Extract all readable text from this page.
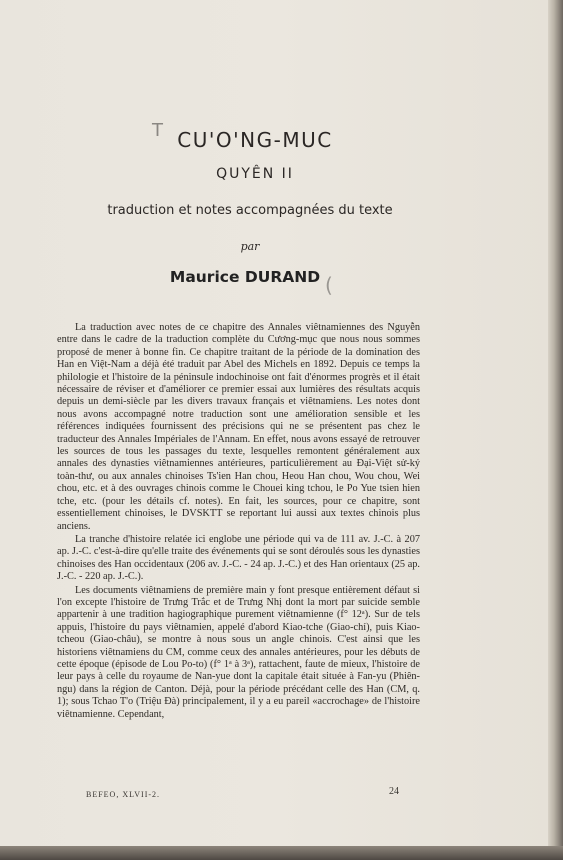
T CU'O'NG-MUC
QUYÊN II
traduction et notes accompagnées du texte
par
Maurice DURAND (

La traduction avec notes de ce chapitre des Annales viêtnamiennes des Nguyễn entre dans le cadre de la traduction complète du Cương-mục que nous nous sommes proposé de mener à bonne fin. Ce chapitre traitant de la période de la domination des Han en Việt-Nam a déjà été traduit par Abel des Michels en 1892. Depuis ce temps la philologie et l'histoire de la péninsule indochinoise ont fait d'énormes progrès et il était nécessaire de réviser et d'améliorer ce premier essai aux lumières des résultats acquis depuis un demi-siècle par les divers travaux français et viêtnamiens. Les notes dont nous avons accompagné notre traduction sont une amélioration sensible et les références indiquées fournissent des précisions qui ne se présentent pas chez le traducteur des Annales Impériales de l'Annam. En effet, nous avons essayé de retrouver les sources de tous les passages du texte, lesquelles remontent généralement aux annales des dynasties viêtnamiennes antérieures, particulièrement au Đại-Việt sử-ký toàn-thư, ou aux annales chinoises Ts'ien Han chou, Heou Han chou, Wou chou, Wei chou, etc. et à des ouvrages chinois comme le Chouei king tchou, le Po Yue tsien hien tche, etc. (pour les détails cf. notes). En fait, les sources, pour ce chapitre, sont essentiellement chinoises, le DVSKTT se reportant lui aussi aux textes chinois plus anciens.

La tranche d'histoire relatée ici englobe une période qui va de 111 av. J.-C. à 207 ap. J.-C. c'est-à-dire qu'elle traite des événements qui se sont déroulés sous les dynasties chinoises des Han occidentaux (206 av. J.-C. - 24 ap. J.-C.) et des Han orientaux (25 ap. J.-C. - 220 ap. J.-C.).

Les documents viêtnamiens de première main y font presque entièrement défaut si l'on excepte l'histoire de Trưng Trắc et de Trưng Nhị dont la mort par suicide semble appartenir à une tradition hagiographique purement viêtnamienne (f° 12ᵃ). Sur de tels appuis, l'histoire du pays viêtnamien, appelé d'abord Kiao-tche (Giao-chỉ), puis Kiao-tcheou (Giao-châu), se montre à nous sous un angle chinois. C'est ainsi que les historiens viêtnamiens du CM, comme ceux des annales antérieures, pour les débuts de cette époque (épisode de Lou Po-to) (f° 1ᵃ à 3ᵃ), rattachent, faute de mieux, l'histoire de leur pays à celle du royaume de Nan-yue dont la capitale était située à Fan-yu (Phiên-ngu) dans la région de Canton. Déjà, pour la période précédant celle des Han (CM, q. 1); sous Tchao T'o (Triệu Đà) principalement, il y a eu pareil «accrochage» de l'histoire viêtnamienne. Cependant,

BEFEO, XLVII-2.	24
